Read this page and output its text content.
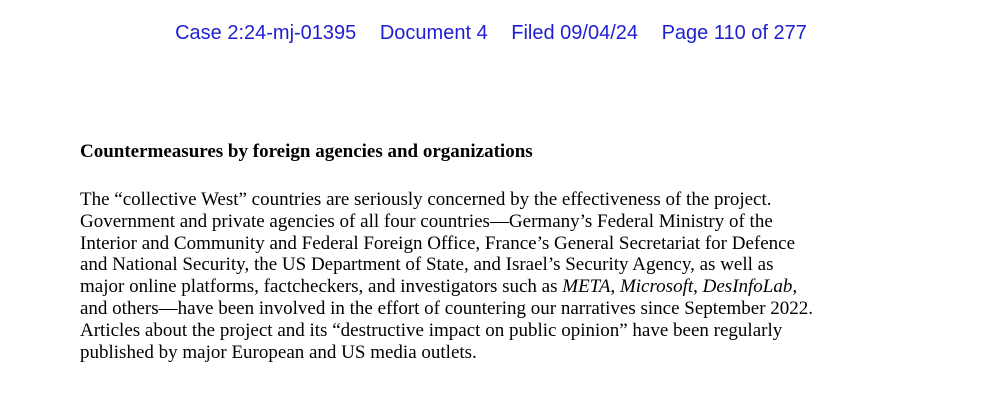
Case 2:24-mj-01395 Document 4 Filed 09/04/24 Page 110 of 277
Countermeasures by foreign agencies and organizations
The “collective West” countries are seriously concerned by the effectiveness of the project.
Government and private agencies of all four countries—Germany’s Federal Ministry of the
Interior and Community and Federal Foreign Office, France’s General Secretariat for Defence
and National Security, the US Department of State, and Israel’s Security Agency, as well as
major online platforms, factcheckers, and investigators such as META, Microsoft, DesInfoLab,
and others—have been involved in the effort of countering our narratives since September 2022.
Articles about the project and its “destructive impact on public opinion” have been regularly
published by major European and US media outlets.
